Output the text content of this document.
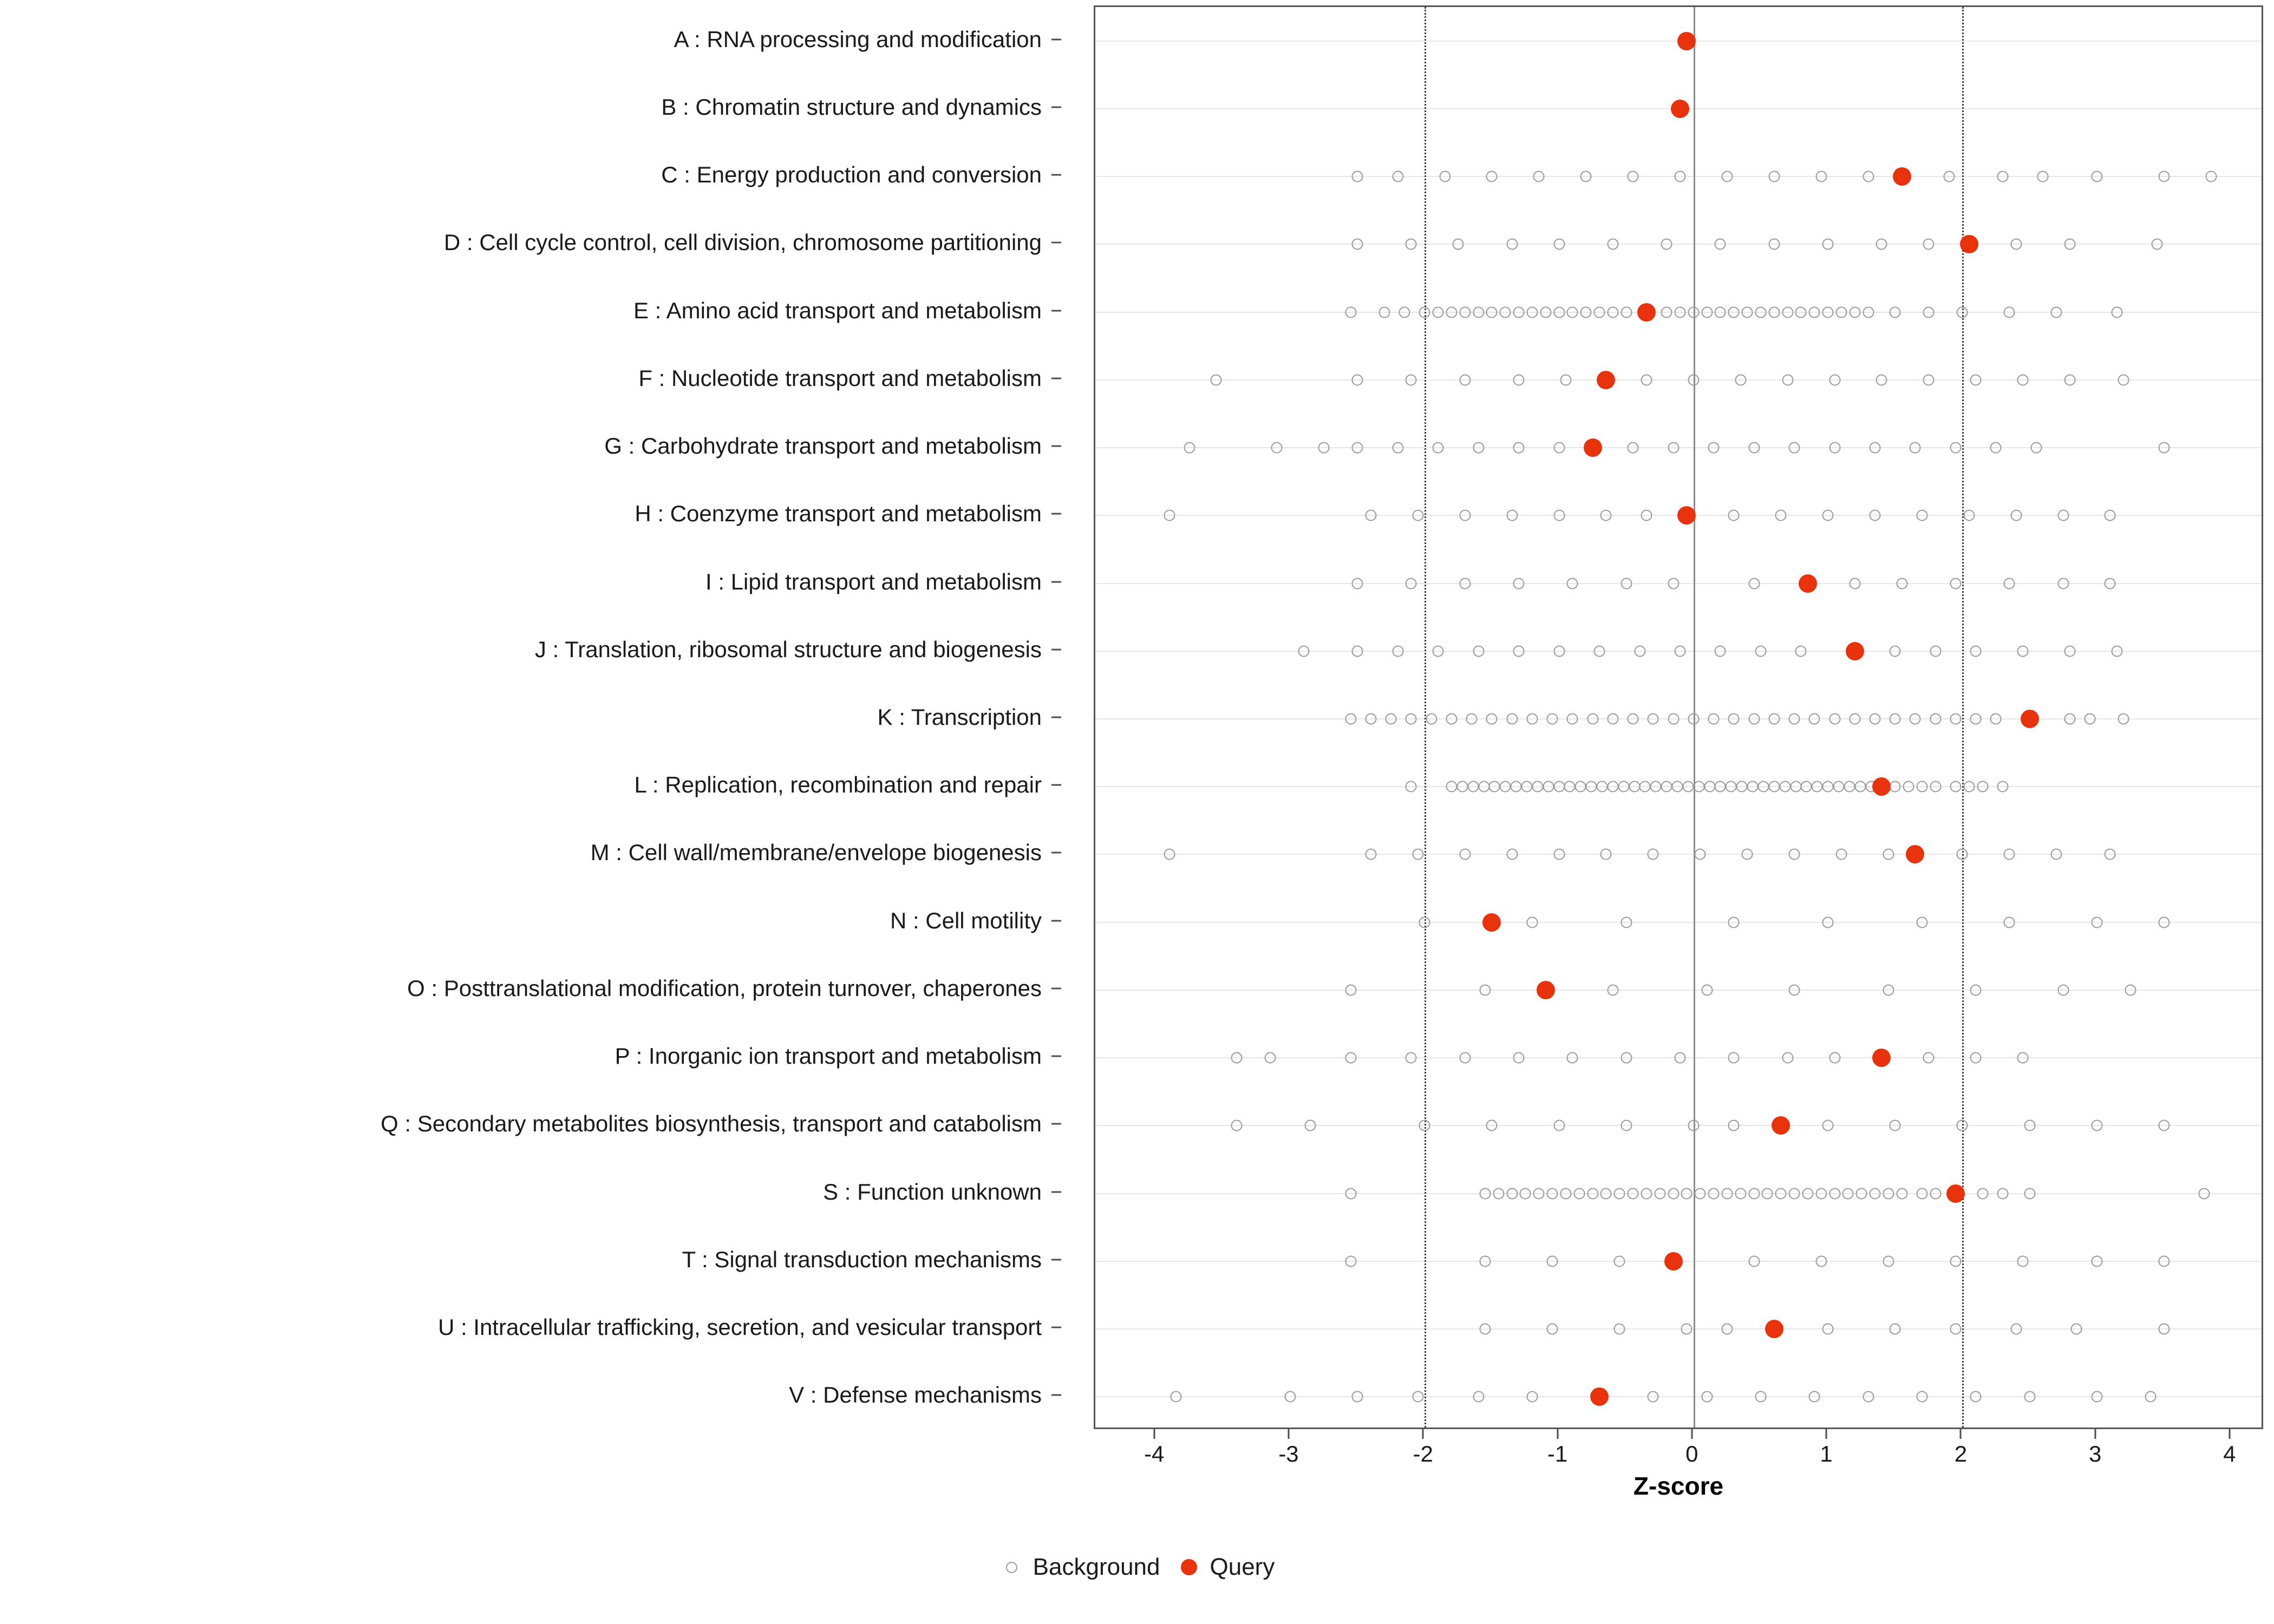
A : RNA processing and modification
B : Chromatin structure and dynamics
C : Energy production and conversion
D : Cell cycle control, cell division, chromosome partitioning
E : Amino acid transport and metabolism
F : Nucleotide transport and metabolism
G : Carbohydrate transport and metabolism
H : Coenzyme transport and metabolism
I : Lipid transport and metabolism
J : Translation, ribosomal structure and biogenesis
K : Transcription
L : Replication, recombination and repair
M : Cell wall/membrane/envelope biogenesis
N : Cell motility
O : Posttranslational modification, protein turnover, chaperones
P : Inorganic ion transport and metabolism
Q : Secondary metabolites biosynthesis, transport and catabolism
S : Function unknown
T : Signal transduction mechanisms
U : Intracellular trafficking, secretion, and vesicular transport
V : Defense mechanisms
-4	-3	-2	-1	0	1	2	3	4
Z-score
Background Query
